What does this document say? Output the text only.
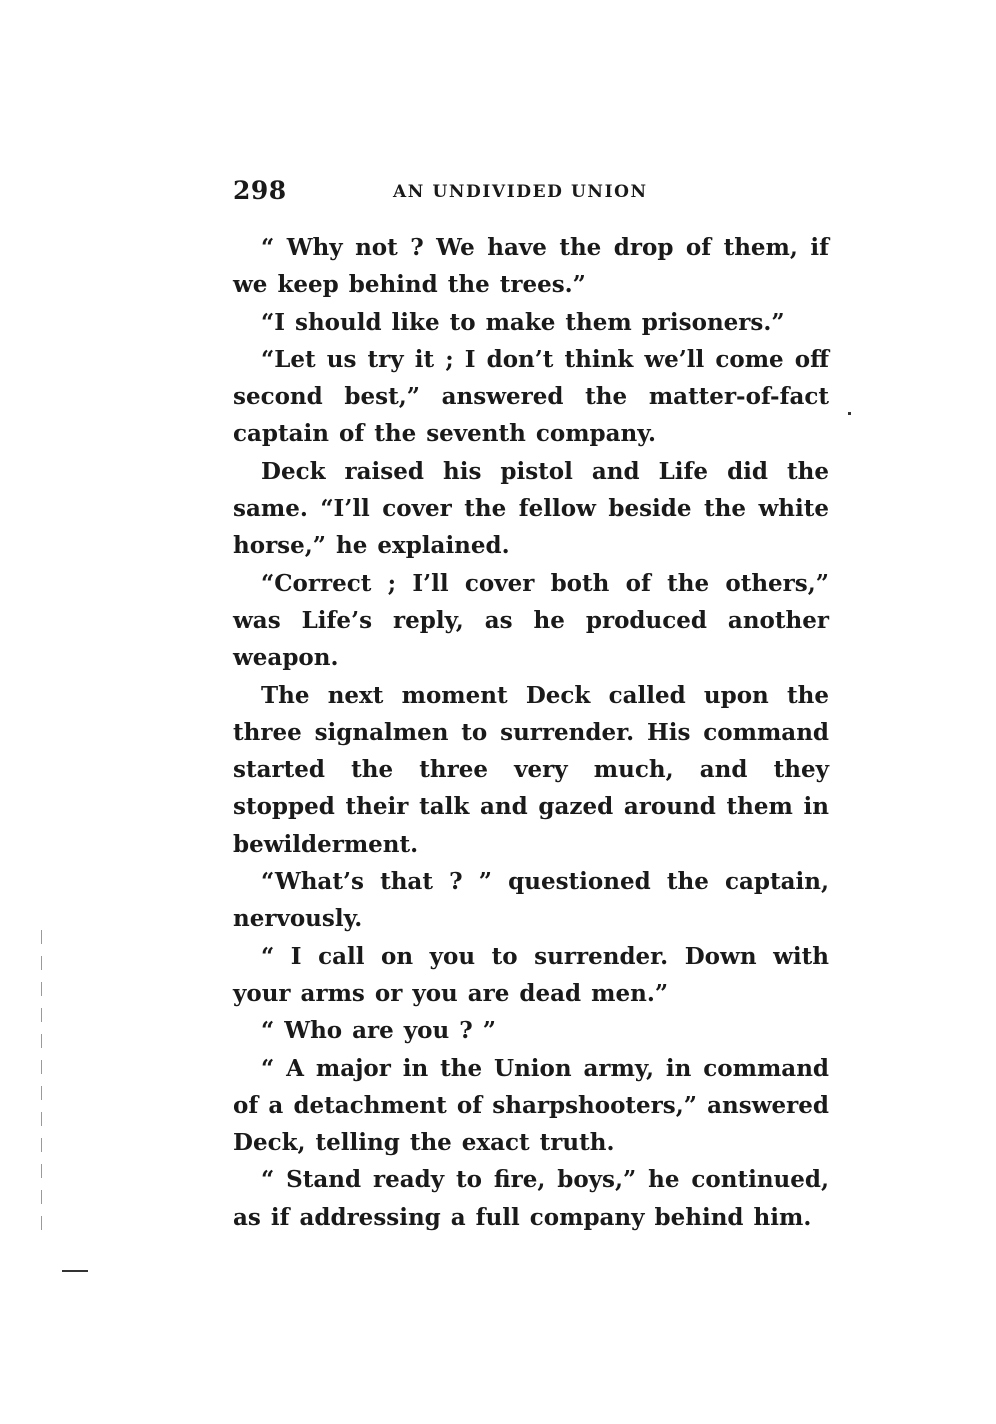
298	AN UNDIVIDED UNION

“ Why not ? We have the drop of them, if we keep behind the trees.”

“I should like to make them prisoners.”

“Let us try it ; I don’t think we’ll come off second best,” answered the matter-of-fact captain of the seventh company.

Deck raised his pistol and Life did the same. “I’ll cover the fellow beside the white horse,” he explained.

“Correct ; I’ll cover both of the others,” was Life’s reply, as he produced another weapon.

The next moment Deck called upon the three signalmen to surrender. His command started the three very much, and they stopped their talk and gazed around them in bewilderment.

“What’s that ? ” questioned the captain, nervously.

“ I call on you to surrender. Down with your arms or you are dead men.”

“ Who are you ? ”

“ A major in the Union army, in command of a detachment of sharpshooters,” answered Deck, telling the exact truth.

“ Stand ready to fire, boys,” he continued, as if addressing a full company behind him.
